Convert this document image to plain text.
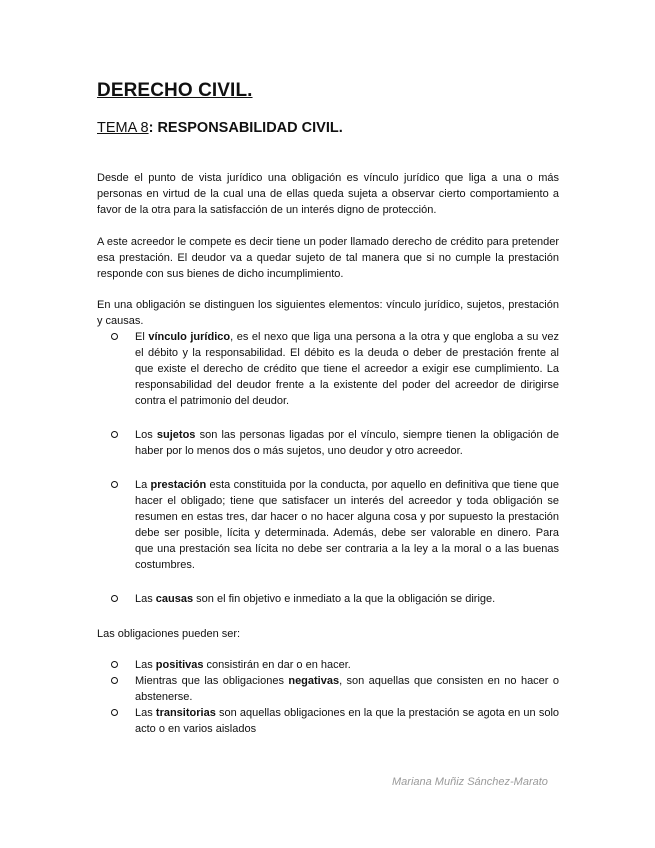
DERECHO CIVIL.
TEMA 8: RESPONSABILIDAD CIVIL.

Desde el punto de vista jurídico una obligación es vínculo jurídico que liga a una o más personas en virtud de la cual una de ellas queda sujeta a observar cierto comportamiento a favor de la otra para la satisfacción de un interés digno de protección.

A este acreedor le compete es decir tiene un poder llamado derecho de crédito para pretender esa prestación. El deudor va a quedar sujeto de tal manera que si no cumple la prestación responde con sus bienes de dicho incumplimiento.

En una obligación se distinguen los siguientes elementos: vínculo jurídico, sujetos, prestación y causas.

El vínculo jurídico, es el nexo que liga una persona a la otra y que engloba a su vez el débito y la responsabilidad. El débito es la deuda o deber de prestación frente al que existe el derecho de crédito que tiene el acreedor a exigir ese cumplimiento. La responsabilidad del deudor frente a la existente del poder del acreedor de dirigirse contra el patrimonio del deudor.
Los sujetos son las personas ligadas por el vínculo, siempre tienen la obligación de haber por lo menos dos o más sujetos, uno deudor y otro acreedor.
La prestación esta constituida por la conducta, por aquello en definitiva que tiene que hacer el obligado; tiene que satisfacer un interés del acreedor y toda obligación se resumen en estas tres, dar hacer o no hacer alguna cosa y por supuesto la prestación debe ser posible, lícita y determinada. Además, debe ser valorable en dinero. Para que una prestación sea lícita no debe ser contraria a la ley a la moral o a las buenas costumbres.
Las causas son el fin objetivo e inmediato a la que la obligación se dirige.

Las obligaciones pueden ser:

Las positivas consistirán en dar o en hacer.
Mientras que las obligaciones negativas, son aquellas que consisten en no hacer o abstenerse.
Las transitorias son aquellas obligaciones en la que la prestación se agota en un solo acto o en varios aislados

Mariana Muñiz Sánchez-Marato
